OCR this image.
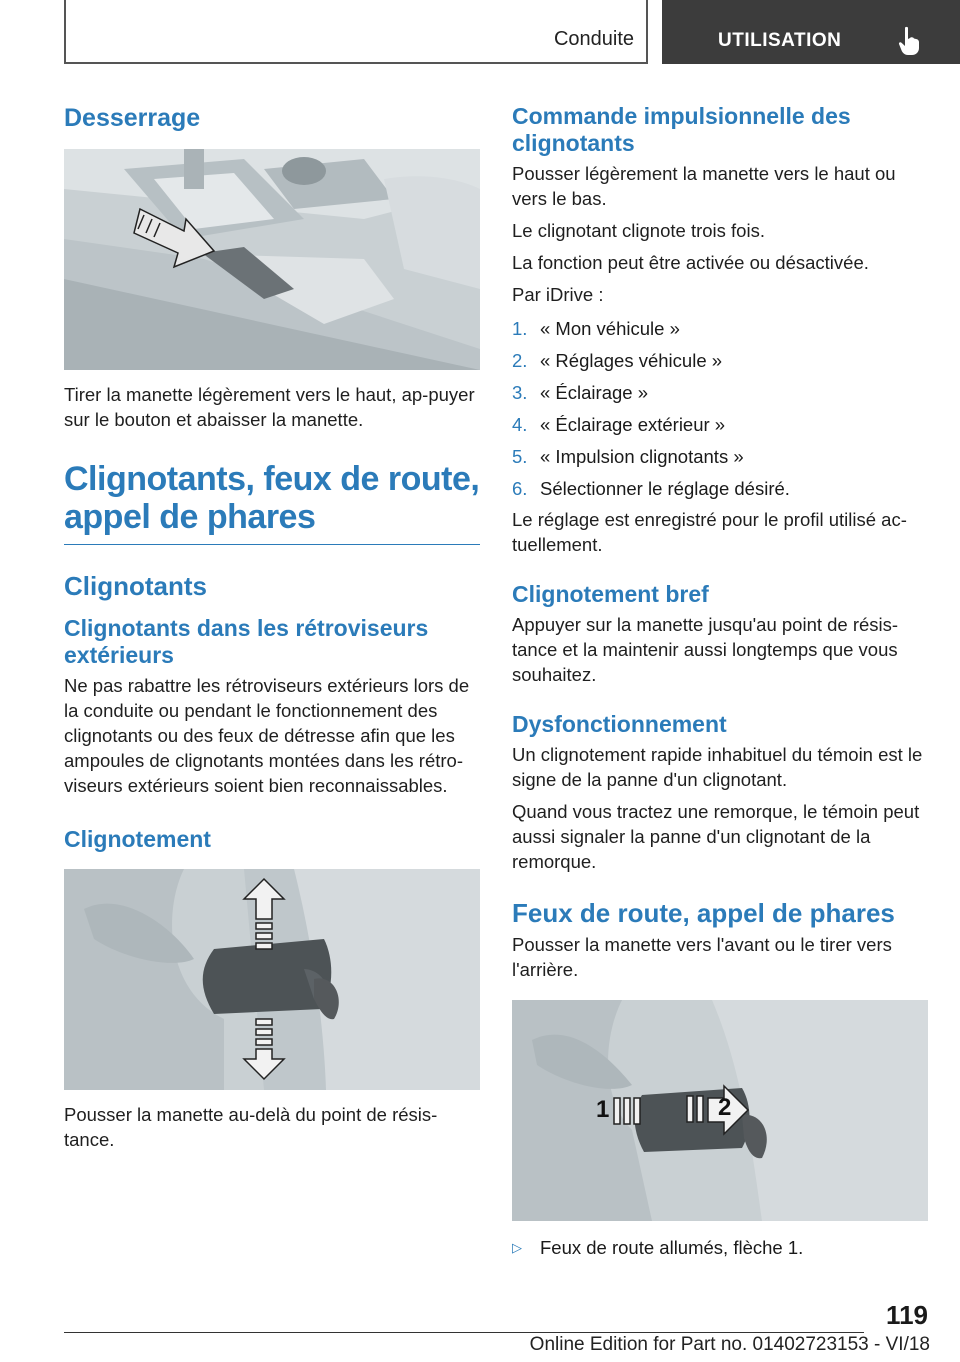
Conduite	UTILISATION
Desserrage

Tirer la manette légèrement vers le haut, ap-puyer sur le bouton et abaisser la manette.

Clignotants, feux de route, appel de phares
Clignotants
Clignotants dans les rétroviseurs extérieurs

Ne pas rabattre les rétroviseurs extérieurs lors de la conduite ou pendant le fonctionnement des clignotants ou des feux de détresse afin que les ampoules de clignotants montées dans les rétro-viseurs extérieurs soient bien reconnaissables.

Clignotement

Pousser la manette au-delà du point de résis-tance.

Commande impulsionnelle des clignotants

Pousser légèrement la manette vers le haut ou vers le bas.

Le clignotant clignote trois fois.

La fonction peut être activée ou désactivée.

Par iDrive :

1. « Mon véhicule »
2. « Réglages véhicule »
3. « Éclairage »
4. « Éclairage extérieur »
5. « Impulsion clignotants »
6. Sélectionner le réglage désiré.

Le réglage est enregistré pour le profil utilisé ac-tuellement.

Clignotement bref

Appuyer sur la manette jusqu'au point de résis-tance et la maintenir aussi longtemps que vous souhaitez.

Dysfonctionnement

Un clignotement rapide inhabituel du témoin est le signe de la panne d'un clignotant.

Quand vous tractez une remorque, le témoin peut aussi signaler la panne d'un clignotant de la remorque.

Feux de route, appel de phares

Pousser la manette vers l'avant ou le tirer vers l'arrière.

1	2
▷ Feux de route allumés, flèche 1.
119
Online Edition for Part no. 01402723153 - VI/18
